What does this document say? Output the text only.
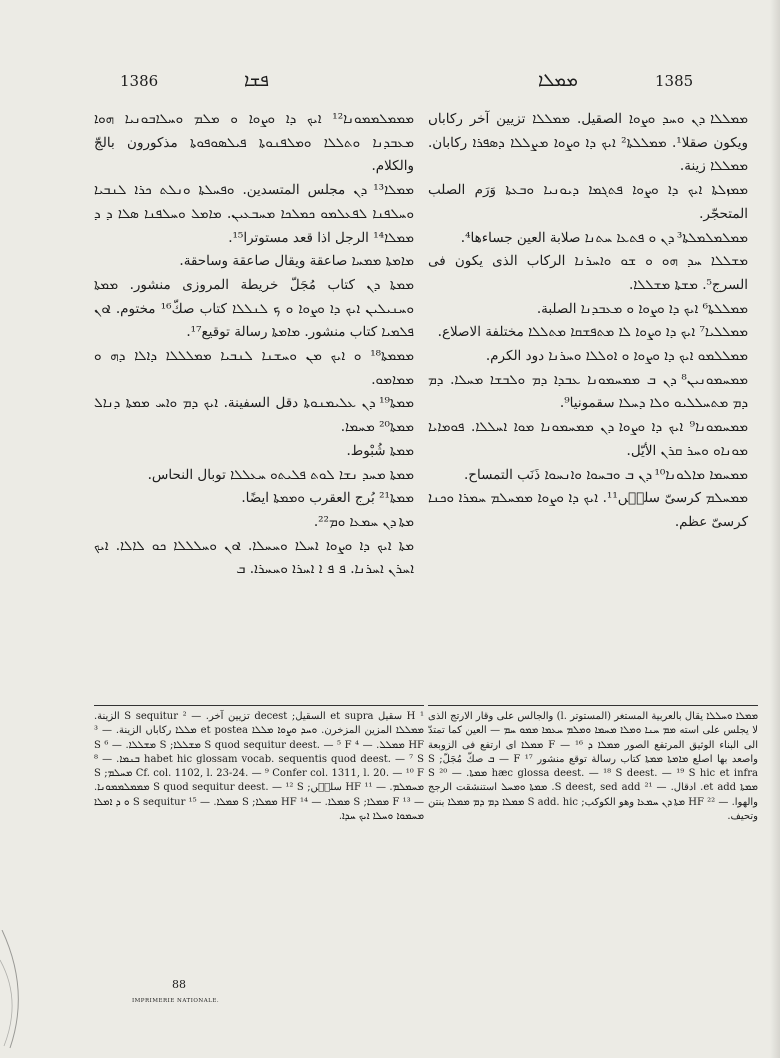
1386	ܦܫܐ	ܡܡܠܐ	1385

ܡܡܠܠܐ ܕܢ ܘܚܕ ܘܨܘܐ الصقيل. ܡܡܠܠܐ تزيين آخر ركاباں ويكون صقلا¹. ܡܡܠܠܬܐ² ܐܝܟ ܕܐ ܘܨܘܐ ܡܨܠܠܐ ܕܣܦܪܐ ركابان. ܡܡܠܠܐ زينة.

ܡܡܙܠܬܐ ܐܝܟ ܕܐ ܘܨܘܐ ܦܬܓܡܐ ܕܝܘܢܝܐ ܘܒܥܬܐ وَرَم الصلب المتحجّر.

ܡܡܠܡܠܡܠܬܐ³ ܕܢ ܘ ܦܬܥܐ ܚܬܢܐ صلابة العين جساءها⁴.

ܡܫܠܠܐ ܚܕ ܗܘ ܘ ܫܘ ܘܐܚܪܢܐ الركاب الذى يكون فى السرج⁵. ܡܫܬܐ ܡܫܠܠܐ.

ܡܡܠܠܬܐ⁶ ܐܝܟ ܕܐ ܘܨܘܐ ܘ ܡܥܒܕܢܐ الصلبة.

ܡܡܠܠܝܐ⁷ ܐܝܟ ܕܐ ܘܨܘܐ ܠܐ ܡܬܦܫܩܐ ܡܬܠܠܐ مختلفة الاصلاع.

ܡܡܠܠܡܘ ܐܝܟ ܕܐ ܘܨܘܐ ܘ ܐܘܠܠܐ ܘܚܪܢܐ دود الكرم.

ܡܡܚܡܘܢܝܢ⁸ ܕܢ ܒ ܡܡܚܡܘܢܐ ܥܒܕܐ ܕܡ ܘܠܒܫܐ ܡܚܠܐ. ܕܡ ܕܡ ܡܬܚܠܠܝܘ ܘܠܐ ܕܚܠܐ سقمونيا⁹.

ܡܡܚܡܘܢܐ⁹ ܐܝܟ ܕܐ ܘܨܘܐ ܕܢ ܡܡܚܡܘܢܐ ܡܘܐ ܐܚܠܠܐ. ܦܘܡܐܝܐ ܡܘܢܐܘ ܘܚܪ ܩܪܢ الأيّل.

ܡܡܚܡܐ ܡܐܠܘܢܐ¹⁰ ܕܢ ܒ ܘܒܚܘܐ ܘܐܢܚܘܐ ذَنَب التمساح.

ܡܡܚܠܡ كرسىّ سلىٖں¹¹. ܐܝܟ ܕܐ ܘܨܘܐ ܡܡܚܠܡ ܚܡܪܐ ܘܟܢܐ كرسىّ عظم.

ܡܡܡܠܡܡܘܢܐ¹² ܐܝܟ ܕܐ ܘܨܘܐ ܘ ܡܠܡ ܘܚܠܐܒܘܢܝܐ ܗܘܐ ܡܥܒܕܢܐ ܘܬܠܠܐ ܘܡܠܦܢܘܬܐ ܦܝܠܣܘܦܘܬܐ مذكورون بالجّ والكلام.

ܡܡܠܐ¹³ ܕܢ مجلس المتسدين. ܘܦܚܠܬܐ ܘܢܠܬ ܟܪܐ ܠܢܒܝܐ ܘܚܠܦܢܐ ܠܦܥܠܡܘ ܟܡܠܟܐ ܡܚܒܥܝܢ. ܡܐܡܠ ܘܚܠܦܢܐ ܣܠܐ ܕ ܕ ܡܡܠܐ¹⁴ الرجل اذا قعد مستوترا¹⁵.

ܡܐܡܬܐ ܡܡܚܐ صاعقة ويقال صاعقة وساحقة.

ܡܡܬܐ ܕܢ كتاب مُجَلّ خريطة المروزى منشور. ܡܡܬܐ ܘܚܢܝܠܝܢ ܐܝܟ ܕܐ ܘܨܘܐ ܘ ܟ ܠܢܠܠܐ كتاب صكّ¹⁶ مختوم. ܐܘܢ ܦܠܡܝܐ كتاب منشور. ܡܐܡܬܐ رسالة توقيع¹⁷.

ܡܡܡܬܐ¹⁸ ܘ ܐܝܟ ܡܢ ܘܚܫܢܐ ܠܢܒܝܐ ܡܡܠܠܠܐ ܕܐܠܐ ܕܗ ܘ ܡܡܐܡܘ.

ܡܡܬܐ¹⁹ ܕܢ ܥܠܝܡܢܘܬܐ دقل السفينة. ܐܝܟ ܕܡ ܘܐܚ ܡܡܬܐ ܕܢܐܠ ܡܡܬܐ²⁰ ܡܚܡܐ.

ܡܡܬܐ شُبْوط.

ܡܡܬܐ ܡܚܕ ܢܫܐ ܠܘܬ ܦܠܝܬܘ ܚܥܠܠܐ توبال النحاس.

ܡܡܬܐ²¹ بُرج العقرب ܘܡܡܬܐ ايضًا.

ܡܬܐ ܕܢ ܚܡܥܐ ܘܡ²².

ܡܬܐ ܐܝܟ ܕܐ ܘܨܘܐ ܐܚܠܐ ܘܚܚܠܐ. ܐܘܢ ܘܚܠܠܠܐ ܟܘ ܠܐܠܐ. ܐܝܟ ܐܚܪܢ ܐܚܪܢܐ. ܦ ܦ ܐ ܐܚܪܐ ܘܚܚܪܐ. ܒ

¹ H سقيل et supra السقيل; decest تزيين آخر. — ² S sequitur الزينة. ܡܡܠܠܐ المزين المزخرن. ܘܚܕ ܘܨܘܐ ܡܠܠܐ et postea ܡܠܠܐ ركاباں الزينة. — ³ HF ܡܡܠܠ. — ⁴ S quod sequitur deest. — ⁵ F ܡܫܠܠܐ; S ܡܫܠܠܐ. — ⁶ S habet hic glossam vocab. sequentis quod deest. — ⁷ S ܒܢܡܐ. — ⁸ Cf. col. 1102, l. 23-24. — ⁹ Confer col. 1311, l. 20. — ¹⁰ F ܡܚܠܡ; S ܡܚܡܠܡ. — ¹¹ HF سلىٖں; S quod sequitur deest. — ¹² S ܡܡܡܠܡܡܘܢܐ. — ¹³ F ܡܡܠܐ; S ܡܡܠܐ. — ¹⁴ HF ܡܡܠܐ; S ܡܡܠܐ. — ¹⁵ S sequitur ܘ ܕ ܐܡܠܐ ܡܚܡܘܐ ܘܚܠܐ ܐܝܟ ܚܕܐ.

ܡܡܠܐ ܘܚܠܠܐ يقال بالعربية المستغر (المستوتر .l) والجالس على وقار الارتج الذى لا يجلس على استه ܡܡ ܚܢܐ ܘܡܠܐ ܡܚܡܐ ܘܡܠܡ ܚܥܡܐ ܡܡܘ ܚܡ — العين كما تمتدّ الى البناء الوثيق المرتفع الصور ܡܡܠܐ ܕ F — ¹⁶ ܡܡܠܐ اى ارتفع فى الزوبعة واصعد بها اصلع ܡܐܡܬܐ ܡܡܬܐ كتاب رسالة توقع منشور F ¹⁷ — ܒ صكّ مُجَلّ; S hæc glossa deest. — ¹⁸ S deest. — ¹⁹ S hic et infra ܡܡܬܐ. — ²⁰ S ܡܡܬܐ et add. ادقال. — ²¹ S deest, sed add. ܡܡܬܐ ܘܡܚܠ استنشقت الرجج والهوا. — ²² HF ܡܬܐ ܕܢ ܚܡܥܐ وهو الكوكب; S add. hic ܡܡܠܐ ܕܡ ܕܡ ܡܡܠܐ بنتن وتحيف.

88
IMPRIMERIE NATIONALE.
